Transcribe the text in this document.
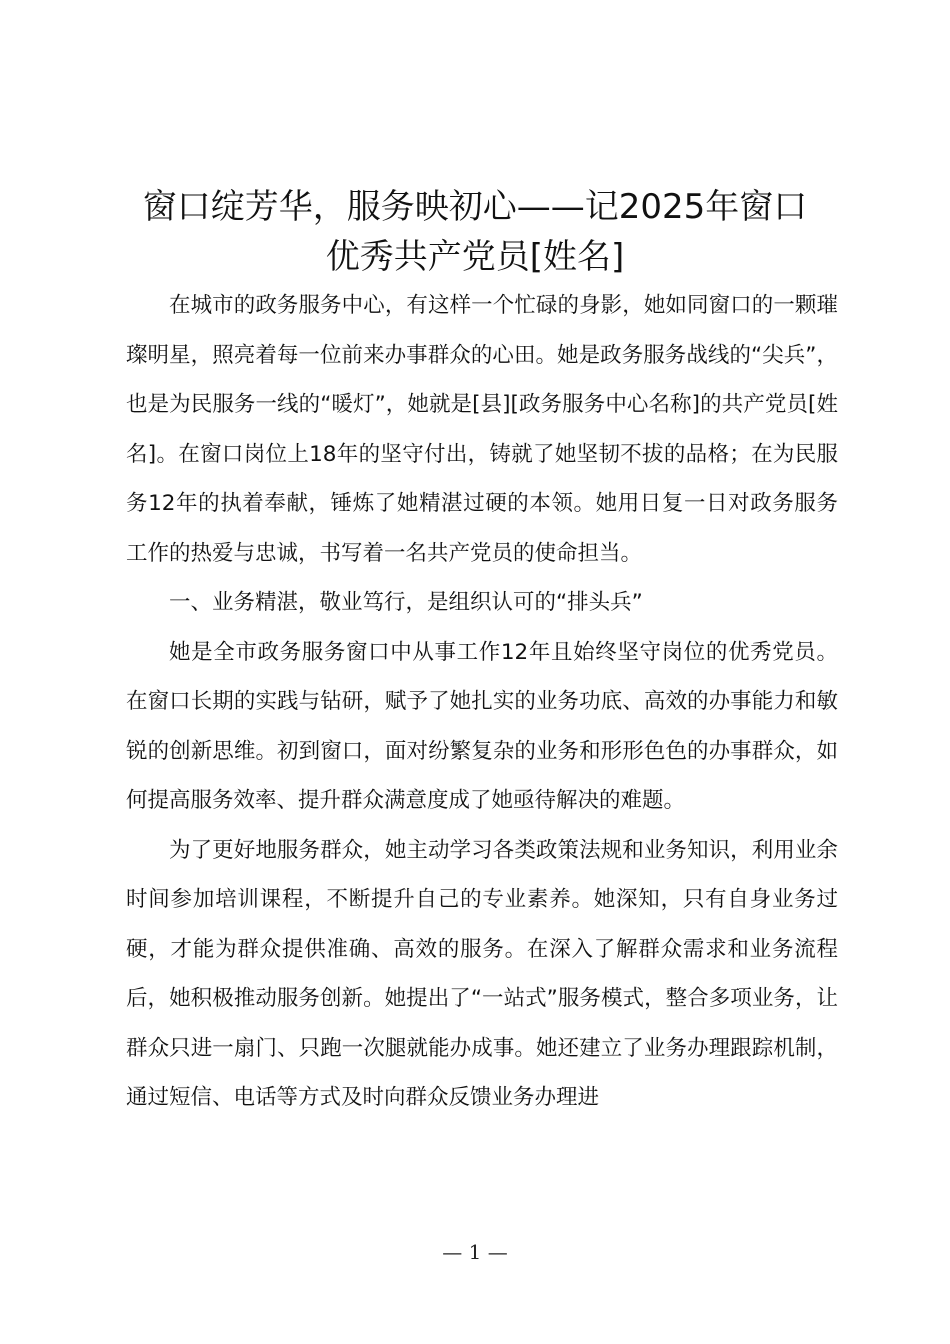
窗口绽芳华，服务映初心——记2025年窗口
优秀共产党员[姓名]

在城市的政务服务中心，有这样一个忙碌的身影，她如同窗口的一颗璀璨明星，照亮着每一位前来办事群众的心田。她是政务服务战线的“尖兵”，也是为民服务一线的“暖灯”，她就是[县][政务服务中心名称]的共产党员[姓名]。在窗口岗位上18年的坚守付出，铸就了她坚韧不拔的品格；在为民服务12年的执着奉献，锤炼了她精湛过硬的本领。她用日复一日对政务服务工作的热爱与忠诚，书写着一名共产党员的使命担当。

一、业务精湛，敬业笃行，是组织认可的“排头兵”

她是全市政务服务窗口中从事工作12年且始终坚守岗位的优秀党员。在窗口长期的实践与钻研，赋予了她扎实的业务功底、高效的办事能力和敏锐的创新思维。初到窗口，面对纷繁复杂的业务和形形色色的办事群众，如何提高服务效率、提升群众满意度成了她亟待解决的难题。

为了更好地服务群众，她主动学习各类政策法规和业务知识，利用业余时间参加培训课程，不断提升自己的专业素养。她深知，只有自身业务过硬，才能为群众提供准确、高效的服务。在深入了解群众需求和业务流程后，她积极推动服务创新。她提出了“一站式”服务模式，整合多项业务，让群众只进一扇门、只跑一次腿就能办成事。她还建立了业务办理跟踪机制，通过短信、电话等方式及时向群众反馈业务办理进

— 1 —
